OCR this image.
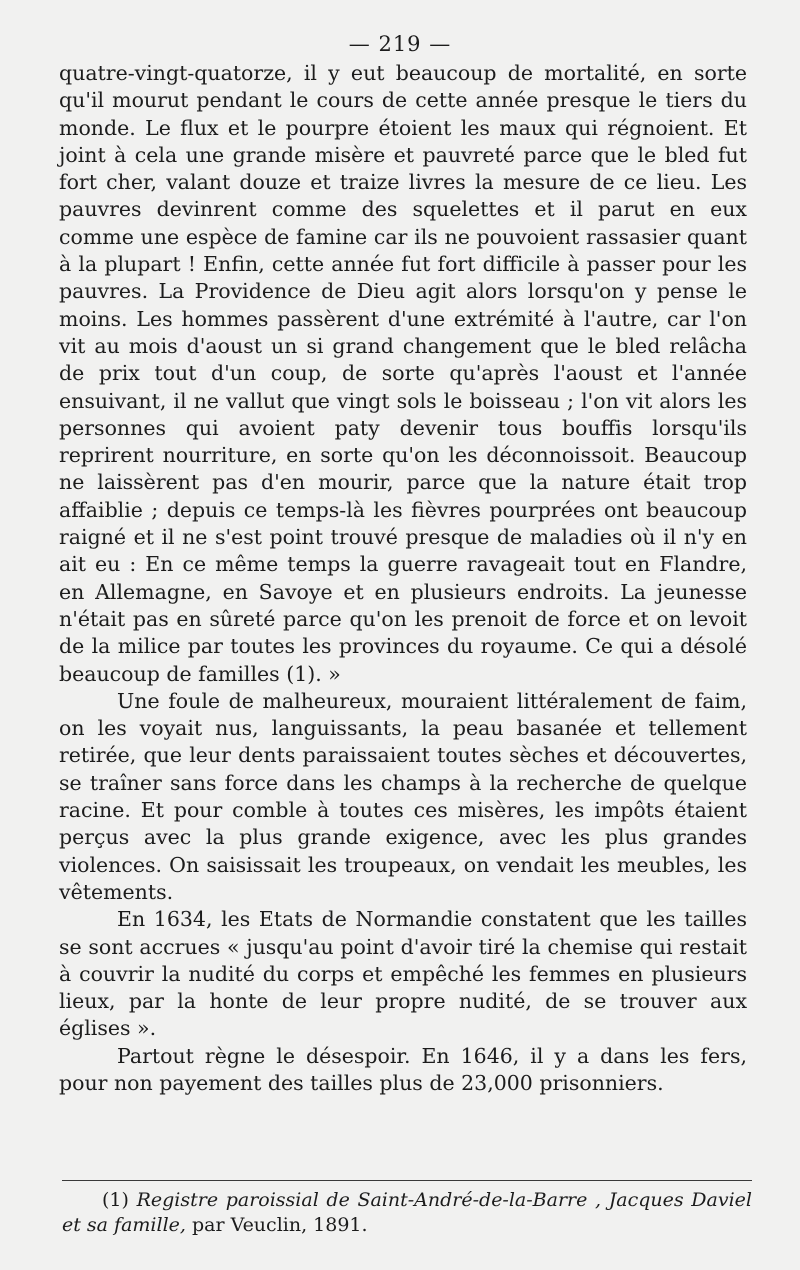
— 219 —

quatre-vingt-quatorze, il y eut beaucoup de mortalité, en sorte qu'il mourut pendant le cours de cette année presque le tiers du monde. Le flux et le pourpre étoient les maux qui régnoient. Et joint à cela une grande misère et pauvreté parce que le bled fut fort cher, valant douze et traize livres la mesure de ce lieu. Les pauvres devinrent comme des squelettes et il parut en eux comme une espèce de famine car ils ne pouvoient rassasier quant à la plupart ! Enfin, cette année fut fort difficile à passer pour les pauvres. La Providence de Dieu agit alors lorsqu'on y pense le moins. Les hommes passèrent d'une extrémité à l'autre, car l'on vit au mois d'aoust un si grand changement que le bled relâcha de prix tout d'un coup, de sorte qu'après l'aoust et l'année ensuivant, il ne vallut que vingt sols le boisseau ; l'on vit alors les personnes qui avoient paty devenir tous bouffis lorsqu'ils reprirent nourriture, en sorte qu'on les déconnoissoit. Beaucoup ne laissèrent pas d'en mourir, parce que la nature était trop affaiblie ; depuis ce temps-là les fièvres pourprées ont beaucoup raigné et il ne s'est point trouvé presque de maladies où il n'y en ait eu : En ce même temps la guerre ravageait tout en Flandre, en Allemagne, en Savoye et en plusieurs endroits. La jeunesse n'était pas en sûreté parce qu'on les prenoit de force et on levoit de la milice par toutes les provinces du royaume. Ce qui a désolé beaucoup de familles (1). »

Une foule de malheureux, mouraient littéralement de faim, on les voyait nus, languissants, la peau basanée et tellement retirée, que leur dents paraissaient toutes sèches et découvertes, se traîner sans force dans les champs à la recherche de quelque racine. Et pour comble à toutes ces misères, les impôts étaient perçus avec la plus grande exigence, avec les plus grandes violences. On saisissait les troupeaux, on vendait les meubles, les vêtements.

En 1634, les Etats de Normandie constatent que les tailles se sont accrues « jusqu'au point d'avoir tiré la chemise qui restait à couvrir la nudité du corps et empêché les femmes en plusieurs lieux, par la honte de leur propre nudité, de se trouver aux églises ».

Partout règne le désespoir. En 1646, il y a dans les fers, pour non payement des tailles plus de 23,000 prisonniers.

(1) Registre paroissial de Saint-André-de-la-Barre , Jacques Daviel et sa famille, par Veuclin, 1891.
